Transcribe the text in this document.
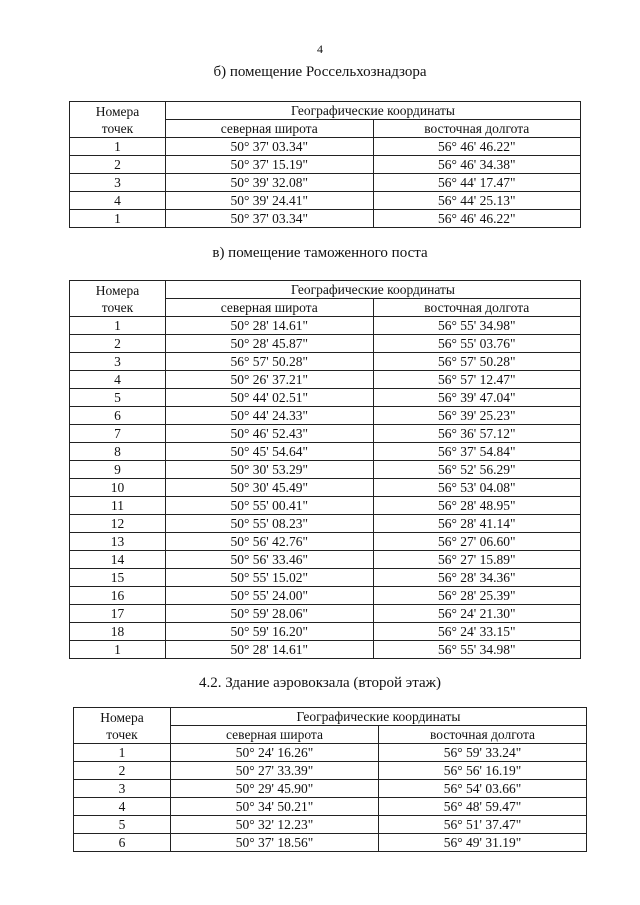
4
б) помещение Россельхознадзора
Номера
точек	Географические координаты	
	северная широта	восточная долгота
1	50° 37' 03.34"	56° 46' 46.22"
2	50° 37' 15.19"	56° 46' 34.38"
3	50° 39' 32.08"	56° 44' 17.47"
4	50° 39' 24.41"	56° 44' 25.13"
1	50° 37' 03.34"	56° 46' 46.22"
в) помещение таможенного поста
Номера
точек	Географические координаты	
	северная широта	восточная долгота
1	50° 28' 14.61"	56° 55' 34.98"
2	50° 28' 45.87"	56° 55' 03.76"
3	56° 57' 50.28"	56° 57' 50.28"
4	50° 26' 37.21"	56° 57' 12.47"
5	50° 44' 02.51"	56° 39' 47.04"
6	50° 44' 24.33"	56° 39' 25.23"
7	50° 46' 52.43"	56° 36' 57.12"
8	50° 45' 54.64"	56° 37' 54.84"
9	50° 30' 53.29"	56° 52' 56.29"
10	50° 30' 45.49"	56° 53' 04.08"
11	50° 55' 00.41"	56° 28' 48.95"
12	50° 55' 08.23"	56° 28' 41.14"
13	50° 56' 42.76"	56° 27' 06.60"
14	50° 56' 33.46"	56° 27' 15.89"
15	50° 55' 15.02"	56° 28' 34.36"
16	50° 55' 24.00"	56° 28' 25.39"
17	50° 59' 28.06"	56° 24' 21.30"
18	50° 59' 16.20"	56° 24' 33.15"
1	50° 28' 14.61"	56° 55' 34.98"
4.2. Здание аэровокзала (второй этаж)
Номера
точек	Географические координаты	
	северная широта	восточная долгота
1	50° 24' 16.26"	56° 59' 33.24"
2	50° 27' 33.39"	56° 56' 16.19"
3	50° 29' 45.90"	56° 54' 03.66"
4	50° 34' 50.21"	56° 48' 59.47"
5	50° 32' 12.23"	56° 51' 37.47"
6	50° 37' 18.56"	56° 49' 31.19"
